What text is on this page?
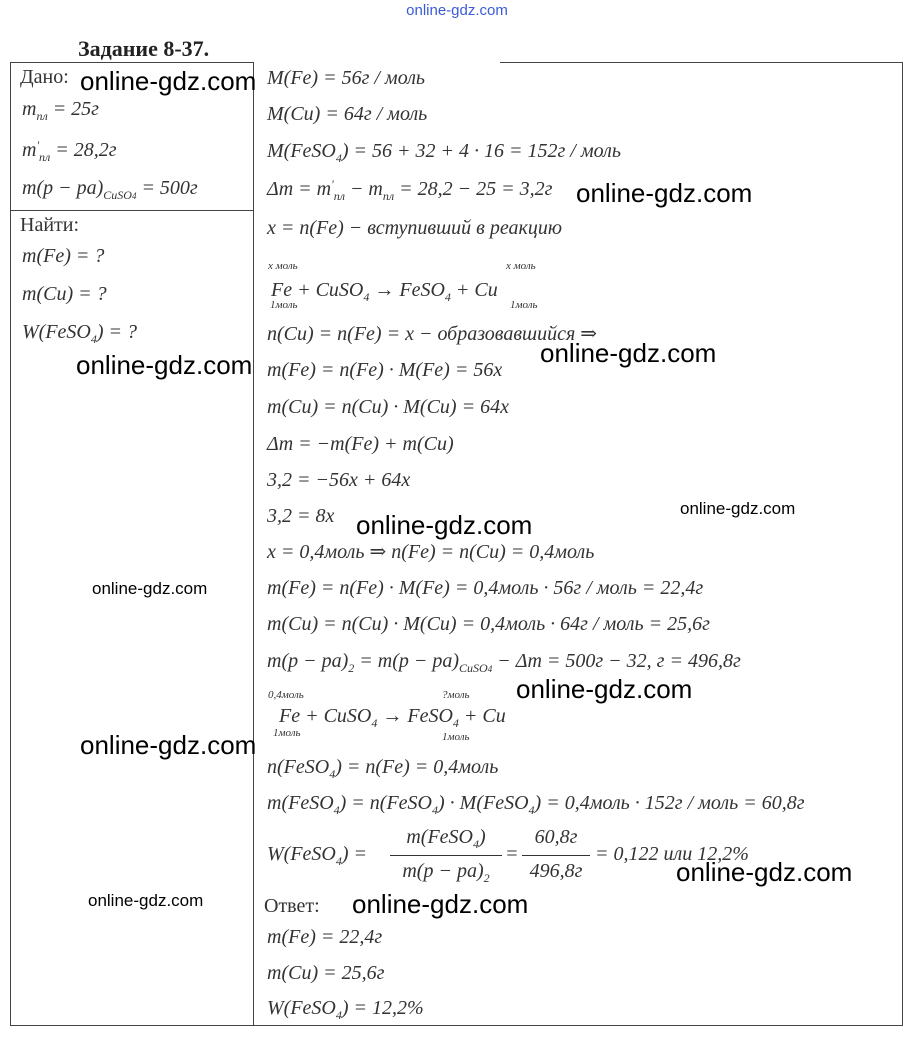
online-gdz.com
Задание 8-37.
Дано:
$m_{пл} = 25г$
$m'_{пл} = 28,2г$
$m(p - pa)_{CuSO4} = 500г$
Найти:
m(Fe) = ?
m(Cu) = ?
W(FeSO$_4$) = ?
M(Fe) = 56г / моль
M(Cu) = 64г / моль
M(FeSO$_4$) = 56 + 32 + 4 · 16 = 152г / моль
$\Delta m = m'_{пл} - m_{пл} = 28,2 - 25 = 3,2г$
x = n(Fe) − вступивший в реакцию
x моль	x моль
Fe + CuSO$_4$ → FeSO$_4$ + Cu
1моль	1моль
n(Cu) = n(Fe) = x − образовавшийся ⇒
m(Fe) = n(Fe) · M(Fe) = 56x
m(Cu) = n(Cu) · M(Cu) = 64x
Δm = −m(Fe) + m(Cu)
3,2 = −56x + 64x
3,2 = 8x
x = 0,4моль ⇒ n(Fe) = n(Cu) = 0,4моль
m(Fe) = n(Fe) · M(Fe) = 0,4моль · 56г / моль = 22,4г
m(Cu) = n(Cu) · M(Cu) = 0,4моль · 64г / моль = 25,6г
$m(p - pa)_2 = m(p - pa)_{CuSO4} - \Delta m = 500г - 32$, г = 496,8г
0,4моль	?моль
Fe + CuSO$_4$ → FeSO$_4$ + Cu
1моль	1моль
n(FeSO$_4$) = n(Fe) = 0,4моль
m(FeSO$_4$) = n(FeSO$_4$) · M(FeSO$_4$) = 0,4моль · 152г / моль = 60,8г
W(FeSO$_4$) =
m(FeSO$_4$)
$m(p - pa)_2$
=
60,8г
496,8г
= 0,122 или 12,2%
Ответ:
m(Fe) = 22,4г
m(Cu) = 25,6г
W(FeSO$_4$) = 12,2%
online-gdz.com
online-gdz.com
online-gdz.com
online-gdz.com
online-gdz.com
online-gdz.com
online-gdz.com
online-gdz.com
online-gdz.com
online-gdz.com
online-gdz.com	online-gdz.com
